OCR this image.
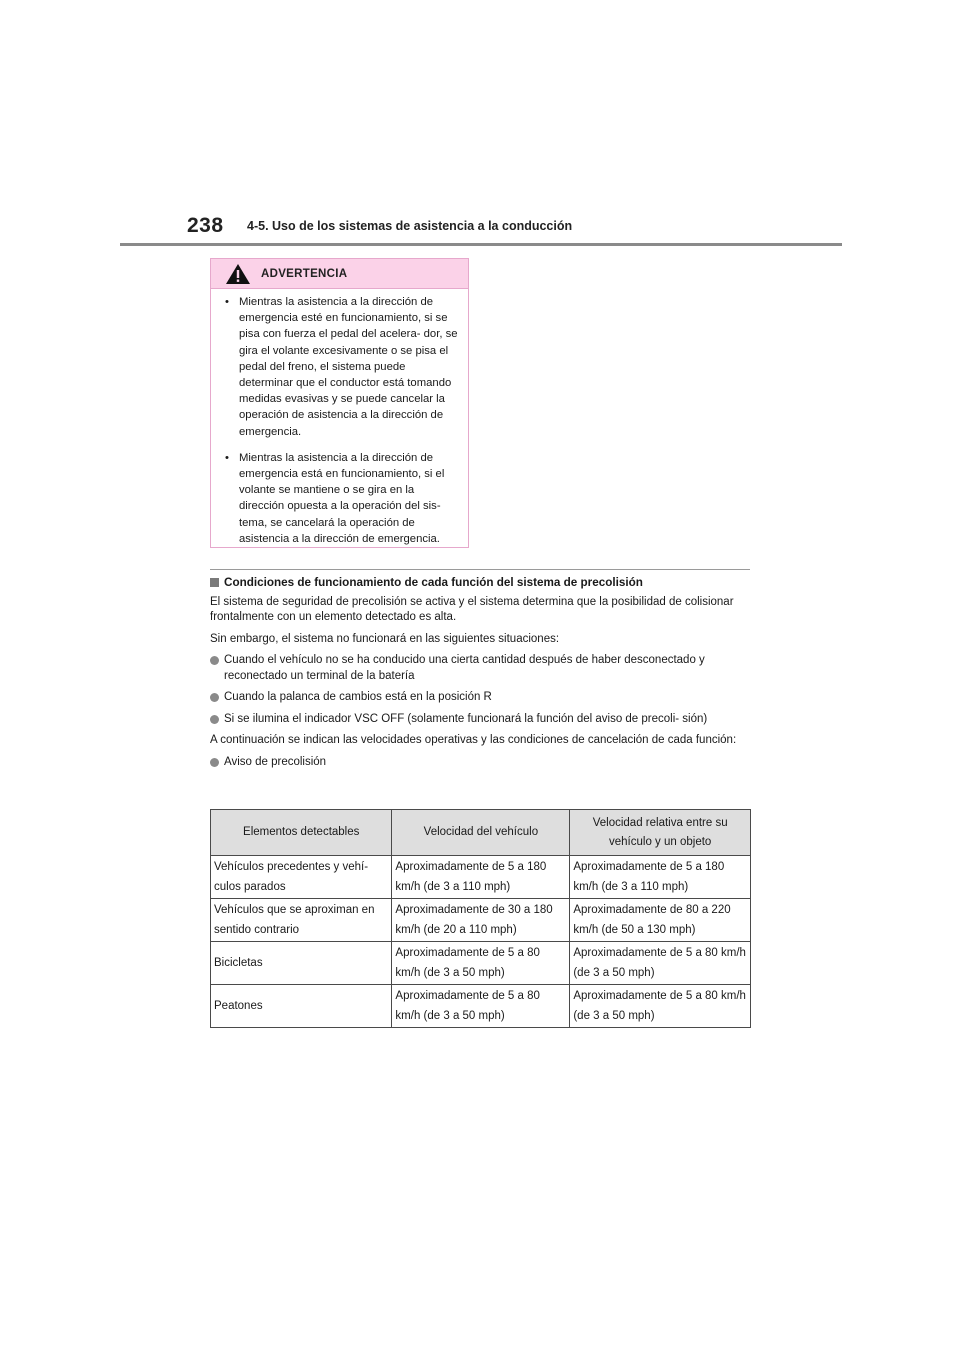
238 4-5. Uso de los sistemas de asistencia a la conducción
ADVERTENCIA
• Mientras la asistencia a la dirección de emergencia esté en funcionamiento, si se pisa con fuerza el pedal del acelera- dor, se gira el volante excesivamente o se pisa el pedal del freno, el sistema puede determinar que el conductor está tomando medidas evasivas y se puede cancelar la operación de asistencia a la dirección de emergencia.
• Mientras la asistencia a la dirección de emergencia está en funcionamiento, si el volante se mantiene o se gira en la dirección opuesta a la operación del sis- tema, se cancelará la operación de asistencia a la dirección de emergencia.
Condiciones de funcionamiento de cada función del sistema de precolisión

El sistema de seguridad de precolisión se activa y el sistema determina que la posibilidad de colisionar frontalmente con un elemento detectado es alta.

Sin embargo, el sistema no funcionará en las siguientes situaciones:

Cuando el vehículo no se ha conducido una cierta cantidad después de haber desconectado y reconectado un terminal de la batería
Cuando la palanca de cambios está en la posición R
Si se ilumina el indicador VSC OFF (solamente funcionará la función del aviso de precoli- sión)

A continuación se indican las velocidades operativas y las condiciones de cancelación de cada función:

Aviso de precolisión
Elementos detectables	Velocidad del vehículo	Velocidad relativa entre su vehículo y un objeto
Vehículos precedentes y vehí- culos parados	Aproximadamente de 5 a 180 km/h (de 3 a 110 mph)	Aproximadamente de 5 a 180 km/h (de 3 a 110 mph)
Vehículos que se aproximan en sentido contrario	Aproximadamente de 30 a 180 km/h (de 20 a 110 mph)	Aproximadamente de 80 a 220 km/h (de 50 a 130 mph)
Bicicletas	Aproximadamente de 5 a 80 km/h (de 3 a 50 mph)	Aproximadamente de 5 a 80 km/h (de 3 a 50 mph)
Peatones	Aproximadamente de 5 a 80 km/h (de 3 a 50 mph)	Aproximadamente de 5 a 80 km/h (de 3 a 50 mph)
